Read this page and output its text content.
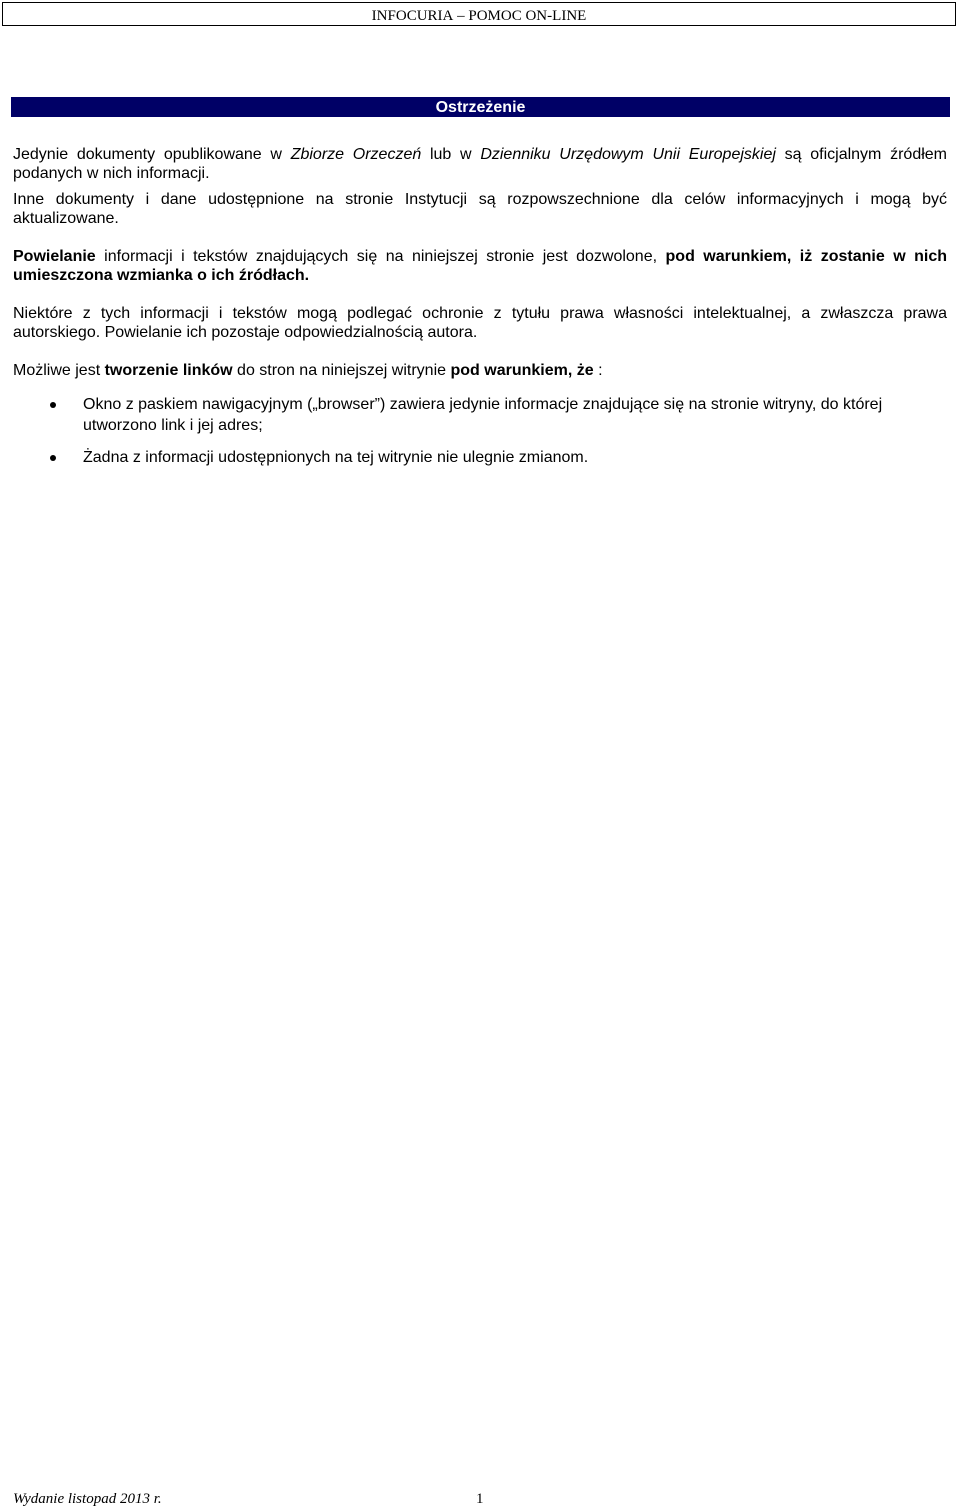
INFOCURIA – POMOC ON-LINE
Ostrzeżenie

Jedynie dokumenty opublikowane w Zbiorze Orzeczeń lub w Dzienniku Urzędowym Unii Europejskiej są oficjalnym źródłem podanych w nich informacji.

Inne dokumenty i dane udostępnione na stronie Instytucji są rozpowszechnione dla celów informacyjnych i mogą być aktualizowane.

Powielanie informacji i tekstów znajdujących się na niniejszej stronie jest dozwolone, pod warunkiem, iż zostanie w nich umieszczona wzmianka o ich źródłach.

Niektóre z tych informacji i tekstów mogą podlegać ochronie z tytułu prawa własności intelektualnej, a zwłaszcza prawa autorskiego. Powielanie ich pozostaje odpowiedzialnością autora.

Możliwe jest tworzenie linków do stron na niniejszej witrynie pod warunkiem, że :

Okno z paskiem nawigacyjnym („browser”) zawiera jedynie informacje znajdujące się na stronie witryny, do której utworzono link i jej adres;
Żadna z informacji udostępnionych na tej witrynie nie ulegnie zmianom.
Wydanie listopad 2013 r.	1
